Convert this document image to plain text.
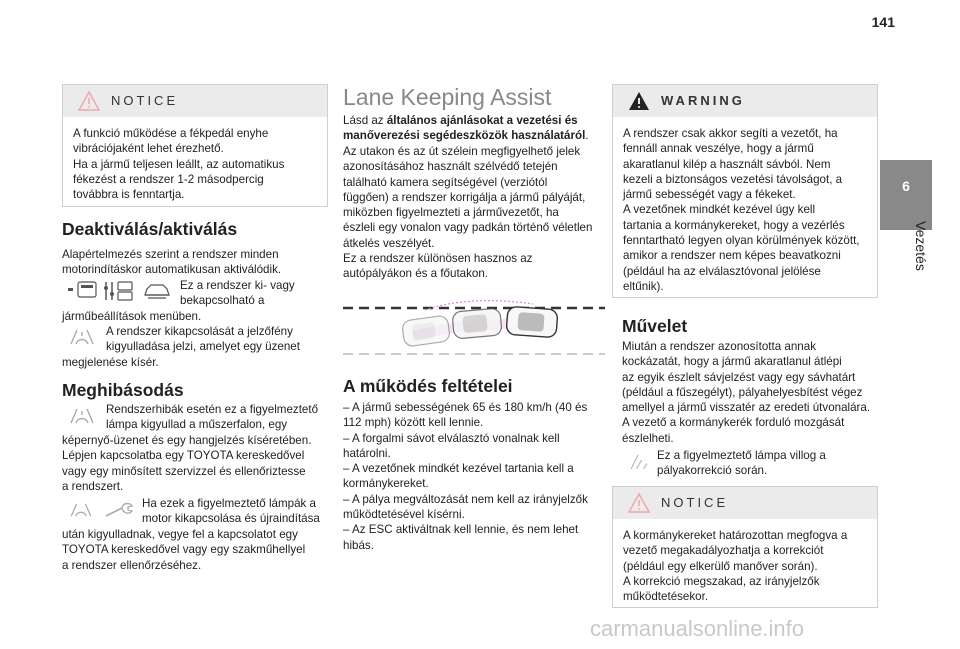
141
6
Vezetés
NOTICE
A funkció működése a fékpedál enyhe
vibrációjaként lehet érezhető.
Ha a jármű teljesen leállt, az automatikus
fékezést a rendszer 1-2 másodpercig
továbbra is fenntartja.
Deaktiválás/aktiválás
Alapértelmezés szerint a rendszer minden
motorindításkor automatikusan aktiválódik.
Ez a rendszer ki- vagy
bekapcsolható a
járműbeállítások menüben.
A rendszer kikapcsolását a jelzőfény
kigyulladása jelzi, amelyet egy üzenet
megjelenése kísér.
Meghibásodás
Rendszerhibák esetén ez a figyelmeztető
lámpa kigyullad a műszerfalon, egy
képernyő-üzenet és egy hangjelzés kíséretében.
Lépjen kapcsolatba egy TOYOTA kereskedővel
vagy egy minősített szervizzel és ellenőriztesse
a rendszert.
Ha ezek a figyelmeztető lámpák a
motor kikapcsolása és újraindítása
után kigyulladnak, vegye fel a kapcsolatot egy
TOYOTA kereskedővel vagy egy szakműhellyel
a rendszer ellenőrzéséhez.
Lane Keeping Assist
Lásd az általános ajánlásokat a vezetési és manőverezési segédeszközök használatáról.
Az utakon és az út szélein megfigyelhető jelek
azonosításához használt szélvédő tetején
található kamera segítségével (verziótól
függően) a rendszer korrigálja a jármű pályáját,
miközben figyelmezteti a járművezetőt, ha
észleli egy vonalon vagy padkán történő véletlen
átkelés veszélyét.
Ez a rendszer különösen hasznos az
autópályákon és a főutakon.
A működés feltételei
– A jármű sebességének 65 és 180 km/h (40 és
112 mph) között kell lennie.
– A forgalmi sávot elválasztó vonalnak kell
határolni.
– A vezetőnek mindkét kezével tartania kell a
kormánykereket.
– A pálya megváltozását nem kell az irányjelzők
működtetésével kísérni.
– Az ESC aktiváltnak kell lennie, és nem lehet
hibás.
WARNING
A rendszer csak akkor segíti a vezetőt, ha
fennáll annak veszélye, hogy a jármű
akaratlanul kilép a használt sávból. Nem
kezeli a biztonságos vezetési távolságot, a
jármű sebességét vagy a fékeket.
A vezetőnek mindkét kezével úgy kell
tartania a kormánykereket, hogy a vezérlés
fenntartható legyen olyan körülmények között,
amikor a rendszer nem képes beavatkozni
(például ha az elválasztóvonal jelölése
eltűnik).
Művelet
Miután a rendszer azonosította annak
kockázatát, hogy a jármű akaratlanul átlépi
az egyik észlelt sávjelzést vagy egy sávhatárt
(például a fűszegélyt), pályahelyesbítést végez
amellyel a jármű visszatér az eredeti útvonalára.
A vezető a kormánykerék forduló mozgását
észlelheti.
Ez a figyelmeztető lámpa villog a
pályakorrekció során.
NOTICE
A kormánykereket határozottan megfogva a
vezető megakadályozhatja a korrekciót
(például egy elkerülő manőver során).
A korrekció megszakad, az irányjelzők
működtetésekor.
carmanualsonline.info
